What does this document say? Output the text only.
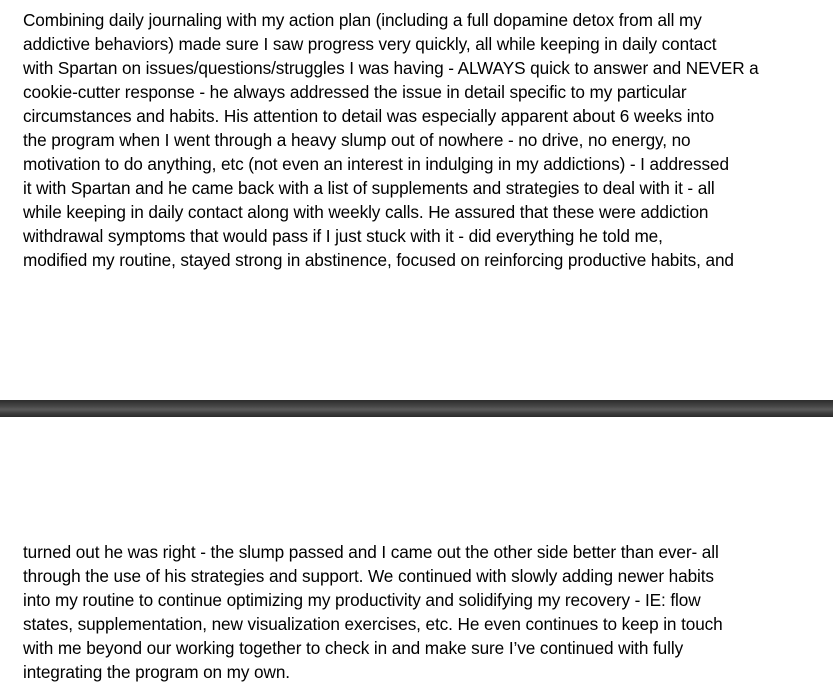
Combining daily journaling with my action plan (including a full dopamine detox from all my
addictive behaviors) made sure I saw progress very quickly, all while keeping in daily contact
with Spartan on issues/questions/struggles I was having - ALWAYS quick to answer and NEVER a
cookie-cutter response - he always addressed the issue in detail specific to my particular
circumstances and habits. His attention to detail was especially apparent about 6 weeks into
the program when I went through a heavy slump out of nowhere - no drive, no energy, no
motivation to do anything, etc (not even an interest in indulging in my addictions) - I addressed
it with Spartan and he came back with a list of supplements and strategies to deal with it - all
while keeping in daily contact along with weekly calls. He assured that these were addiction
withdrawal symptoms that would pass if I just stuck with it - did everything he told me,
modified my routine, stayed strong in abstinence, focused on reinforcing productive habits, and
turned out he was right - the slump passed and I came out the other side better than ever- all
through the use of his strategies and support. We continued with slowly adding newer habits
into my routine to continue optimizing my productivity and solidifying my recovery - IE: flow
states, supplementation, new visualization exercises, etc. He even continues to keep in touch
with me beyond our working together to check in and make sure I’ve continued with fully
integrating the program on my own.
